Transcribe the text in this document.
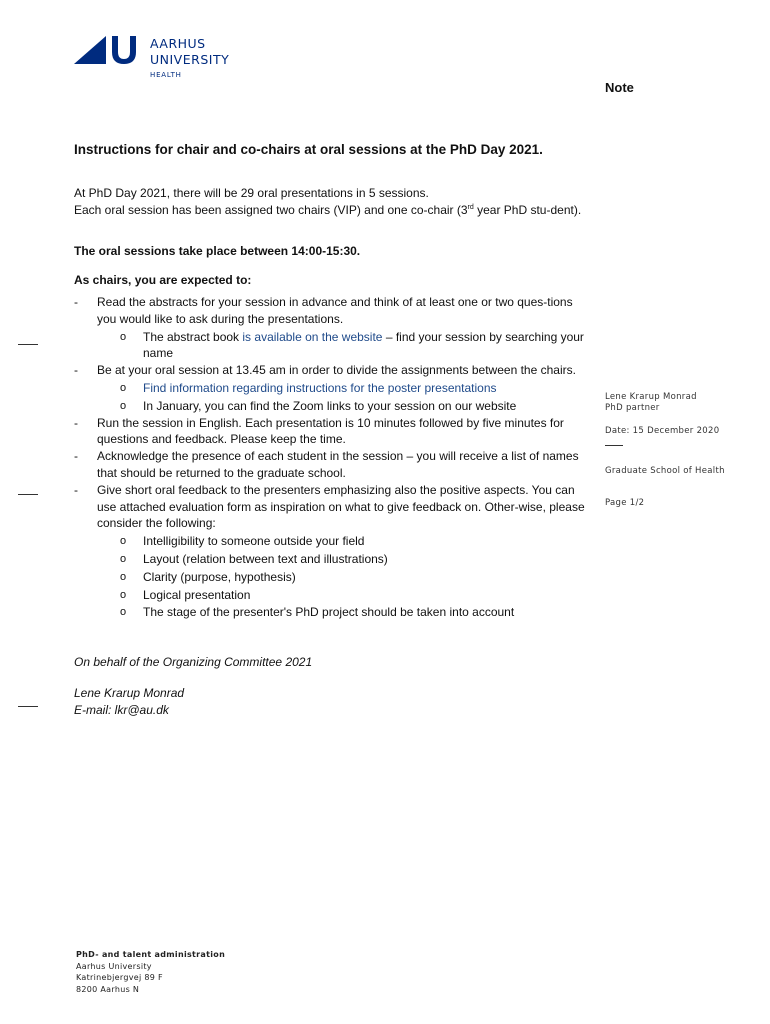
AARHUS
UNIVERSITY
HEALTH
Note
Instructions for chair and co-chairs at oral sessions at the PhD Day 2021.

At PhD Day 2021, there will be 29 oral presentations in 5 sessions.

Each oral session has been assigned two chairs (VIP) and one co-chair (3rd year PhD stu-dent).

The oral sessions take place between 14:00-15:30.

As chairs, you are expected to:

- Read the abstracts for your session in advance and think of at least one or two ques-tions you would like to ask during the presentations.
o The abstract book is available on the website – find your session by searching your name
- Be at your oral session at 13.45 am in order to divide the assignments between the chairs.
o Find information regarding instructions for the poster presentations
o In January, you can find the Zoom links to your session on our website
- Run the session in English. Each presentation is 10 minutes followed by five minutes for questions and feedback. Please keep the time.
- Acknowledge the presence of each student in the session – you will receive a list of names that should be returned to the graduate school.
- Give short oral feedback to the presenters emphasizing also the positive aspects. You can use attached evaluation form as inspiration on what to give feedback on. Other-wise, please consider the following:
o Intelligibility to someone outside your field
o Layout (relation between text and illustrations)
o Clarity (purpose, hypothesis)
o Logical presentation
o The stage of the presenter's PhD project should be taken into account

On behalf of the Organizing Committee 2021

Lene Krarup Monrad

E-mail: lkr@au.dk

Lene Krarup Monrad
PhD partner
Date: 15 December 2020
Graduate School of Health
Page 1/2
PhD- and talent administration
Aarhus University
Katrinebjergvej 89 F
8200 Aarhus N
